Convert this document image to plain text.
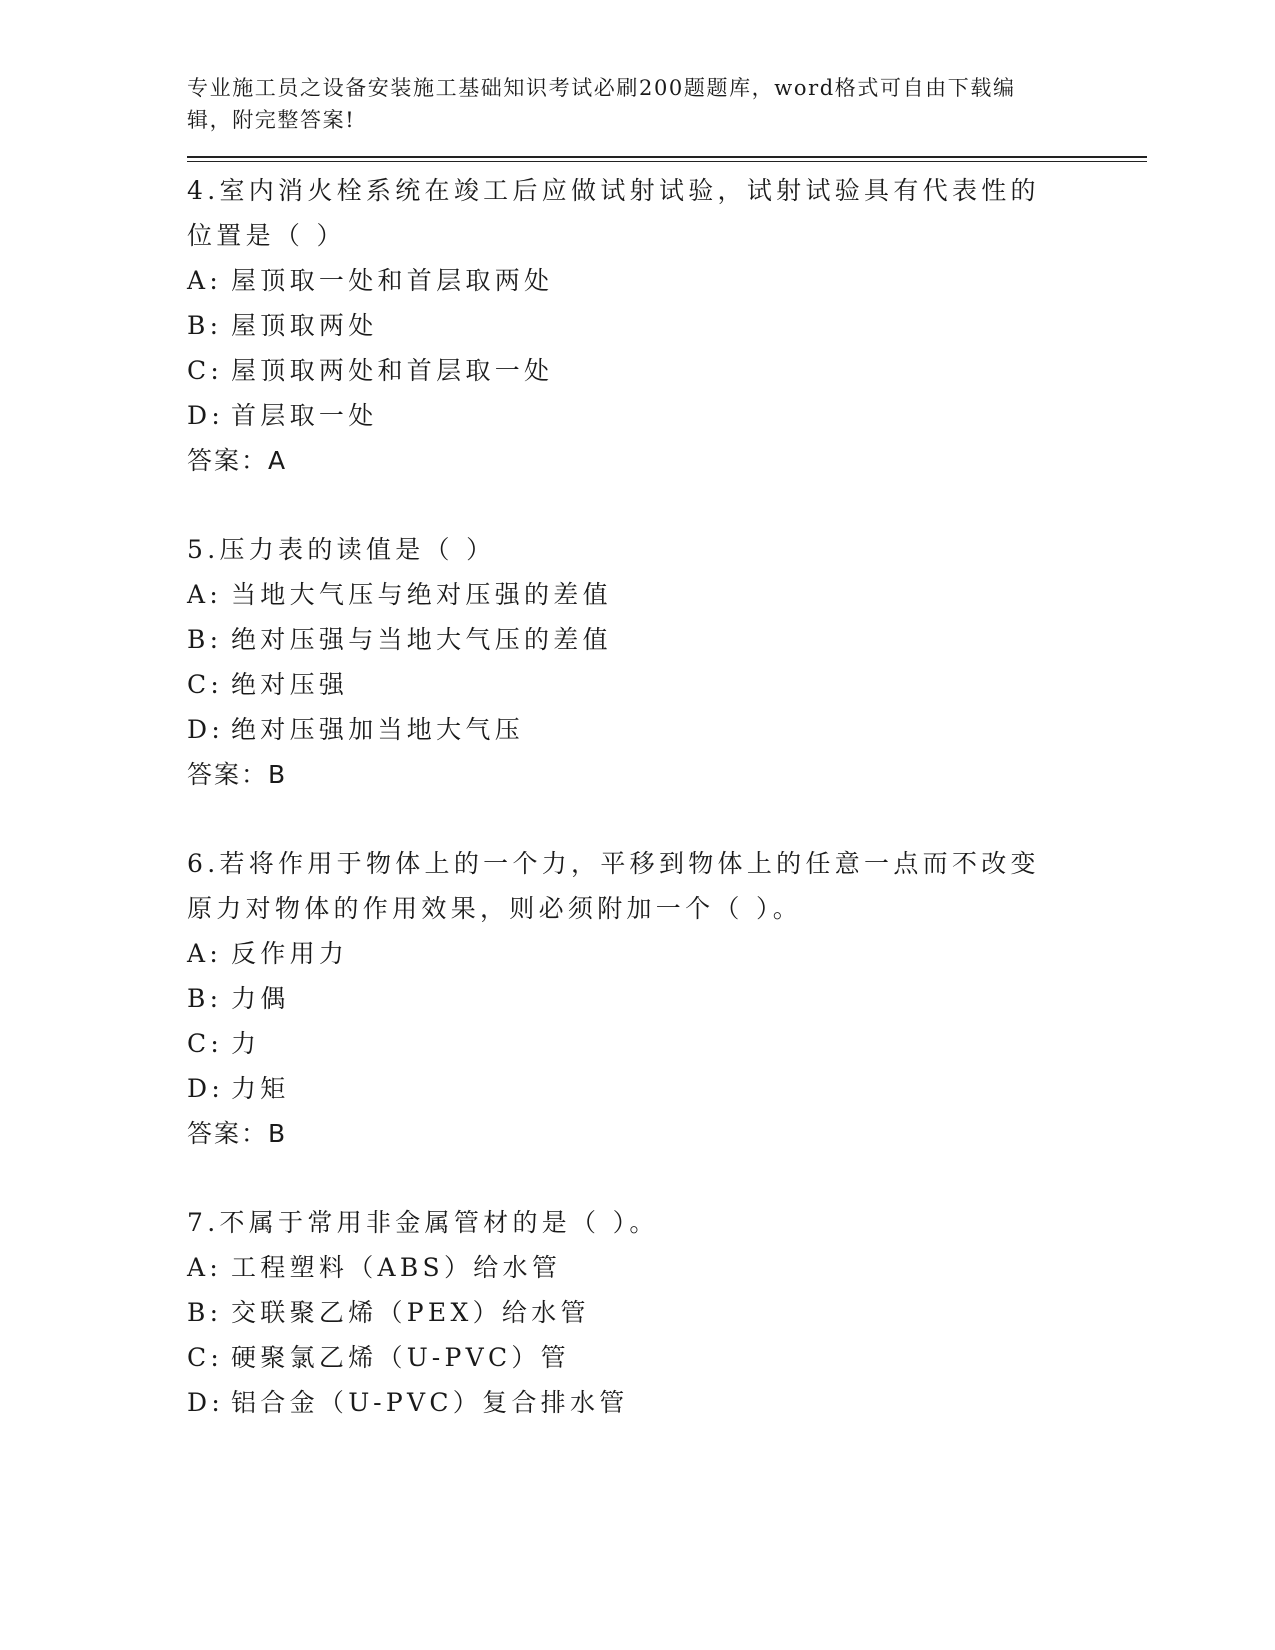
专业施工员之设备安装施工基础知识考试必刷200题题库，word格式可自由下载编辑，附完整答案!

4.室内消火栓系统在竣工后应做试射试验，试射试验具有代表性的位置是（ ）

A: 屋顶取一处和首层取两处
B: 屋顶取两处
C: 屋顶取两处和首层取一处
D: 首层取一处
答案：A

5.压力表的读值是（ ）

A: 当地大气压与绝对压强的差值
B: 绝对压强与当地大气压的差值
C: 绝对压强
D: 绝对压强加当地大气压
答案：B

6.若将作用于物体上的一个力，平移到物体上的任意一点而不改变原力对物体的作用效果，则必须附加一个（ ）。

A: 反作用力
B: 力偶
C: 力
D: 力矩
答案：B

7.不属于常用非金属管材的是（ ）。

A: 工程塑料（ABS）给水管
B: 交联聚乙烯（PEX）给水管
C: 硬聚氯乙烯（U-PVC）管
D: 铝合金（U-PVC）复合排水管
